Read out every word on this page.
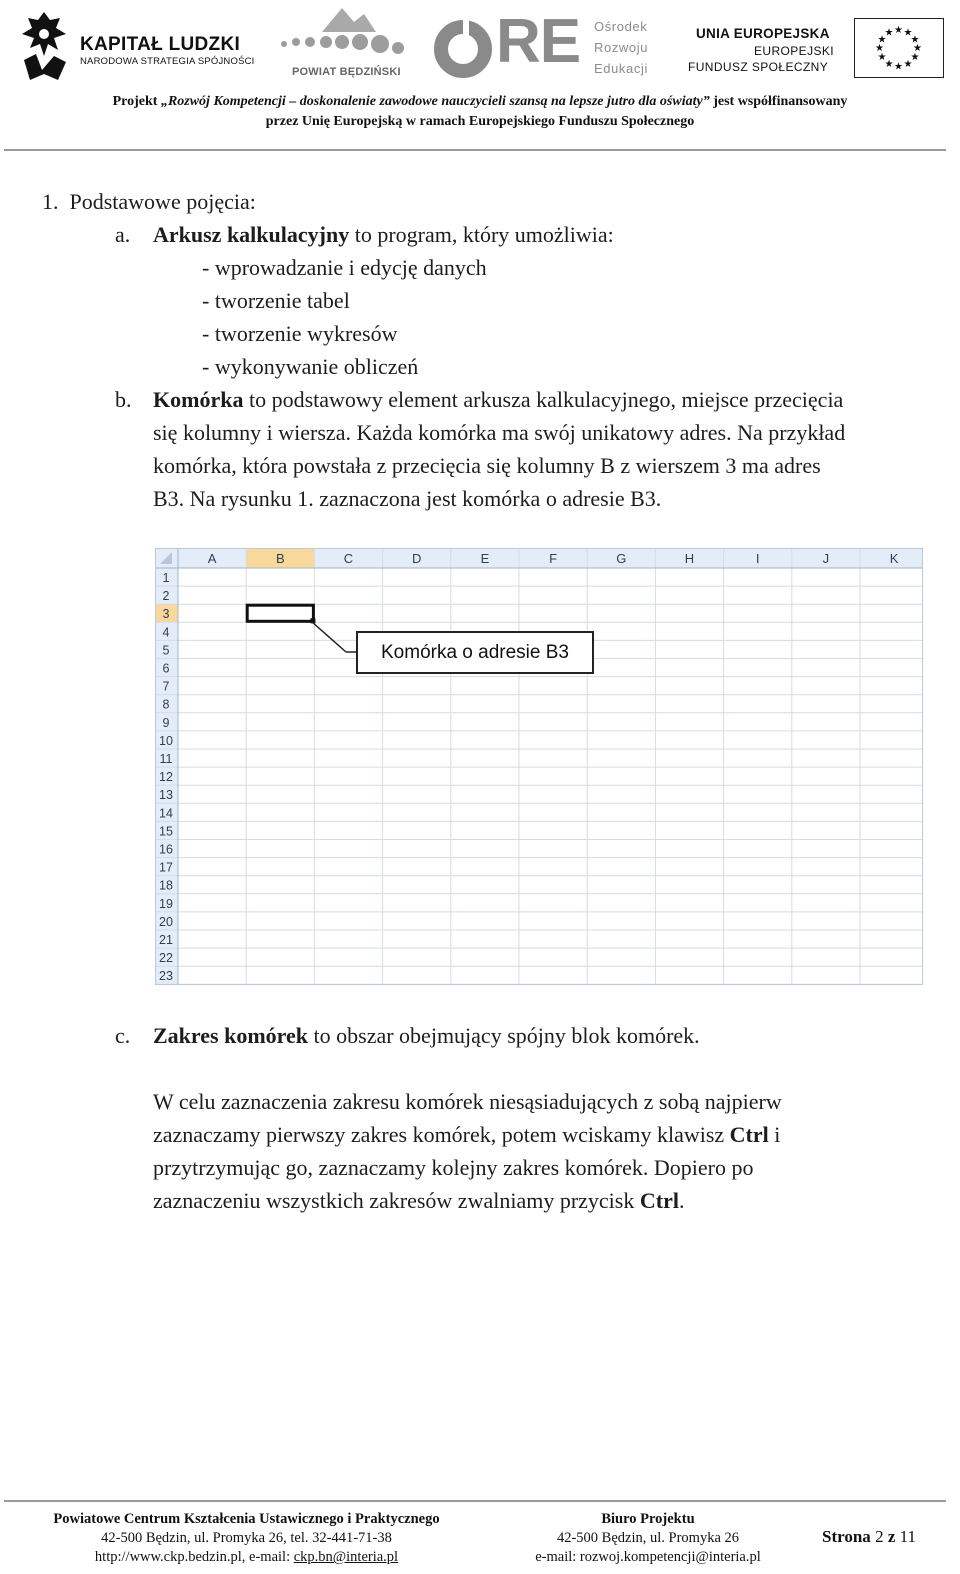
KAPITAŁ LUDZKI
NARODOWA STRATEGIA SPÓJNOŚCI
POWIAT BĘDZIŃSKI RE Ośrodek
Rozwoju
Edukacji
UNIA EUROPEJSKA
EUROPEJSKI
FUNDUSZ SPOŁECZNY
★ ★
★
★
★
★
★
★
★
★
★
★
Projekt „Rozwój Kompetencji – doskonalenie zawodowe nauczycieli szansą na lepsze jutro dla oświaty” jest współfinansowany
przez Unię Europejską w ramach Europejskiego Funduszu Społecznego
1. Podstawowe pojęcia:
a. Arkusz kalkulacyjny to program, który umożliwia:
- wprowadzanie i edycję danych
- tworzenie tabel
- tworzenie wykresów
- wykonywanie obliczeń
b. Komórka to podstawowy element arkusza kalkulacyjnego, miejsce przecięcia
się kolumny i wiersza. Każda komórka ma swój unikatowy adres. Na przykład
komórka, która powstała z przecięcia się kolumny B z wierszem 3 ma adres
B3. Na rysunku 1. zaznaczona jest komórka o adresie B3.
A	B	C	D	E	F	G	H	I	J	K
1
2
3
4
5
6
7
8
9
10
11
12
13
14
15
16
17
18
19
20
21
22
23
Komórka o adresie B3
c. Zakres komórek to obszar obejmujący spójny blok komórek.
W celu zaznaczenia zakresu komórek niesąsiadujących z sobą najpierw
zaznaczamy pierwszy zakres komórek, potem wciskamy klawisz Ctrl i
przytrzymując go, zaznaczamy kolejny zakres komórek. Dopiero po
zaznaczeniu wszystkich zakresów zwalniamy przycisk Ctrl.
Powiatowe Centrum Kształcenia Ustawicznego i Praktycznego
42-500 Będzin, ul. Promyka 26, tel. 32-441-71-38
http://www.ckp.bedzin.pl, e-mail: ckp.bn@interia.pl
Biuro Projektu
42-500 Będzin, ul. Promyka 26
e-mail: rozwoj.kompetencji@interia.pl
Strona 2 z 11
